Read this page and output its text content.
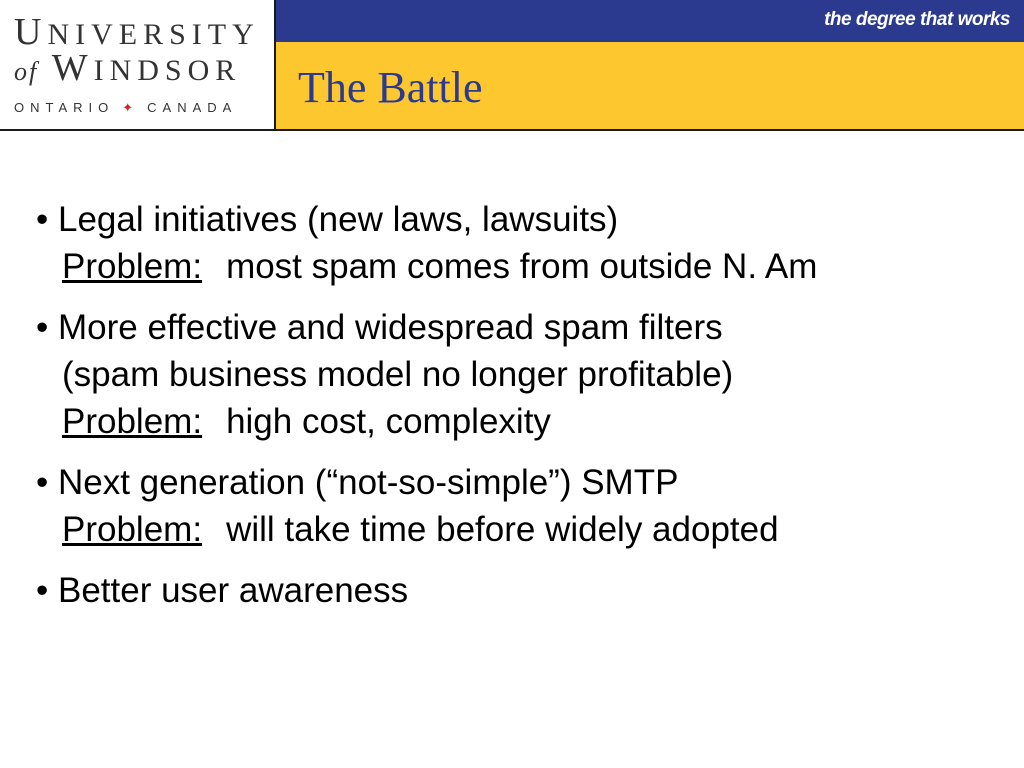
UNIVERSITY
of WINDSOR
ONTARIO ✦ CANADA
the degree that works
The Battle
• Legal initiatives (new laws, lawsuits)
Problem: most spam comes from outside N. Am
• More effective and widespread spam filters
(spam business model no longer profitable)
Problem: high cost, complexity
• Next generation (“not-so-simple”) SMTP
Problem: will take time before widely adopted
• Better user awareness
